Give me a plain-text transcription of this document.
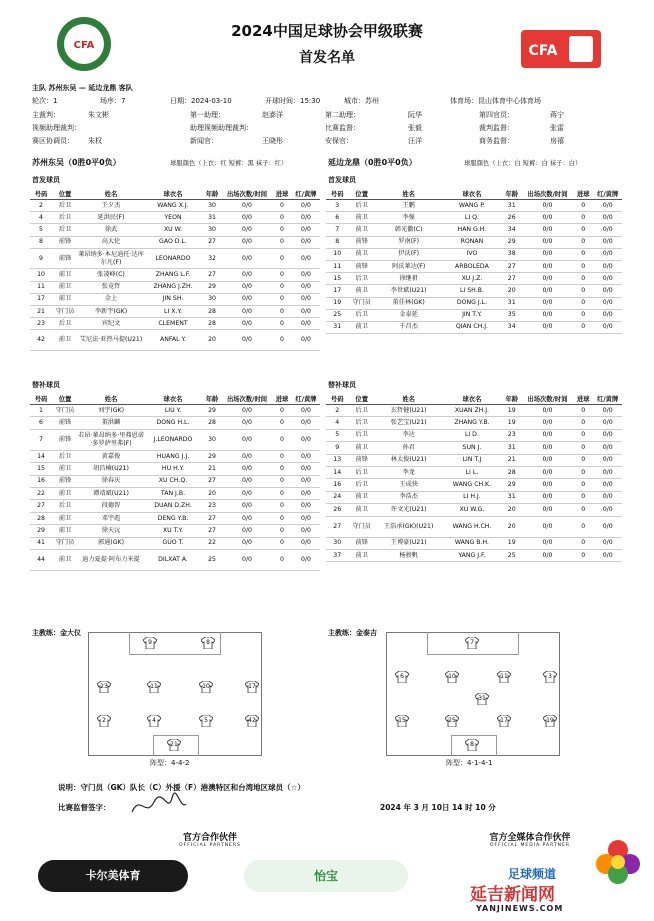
CFA
2024中国足球协会甲级联赛
首发名单	CFA
主队 苏州东吴 — 延边龙鼎 客队
轮次：1	场序：7	日期：2024-03-10	开球时间：15:30	城市：苏州	体育场：昆山体育中心体育场
主裁判：	朱文彬	第一助理：	赵澎洋	第二助理：	阮华	第四官员：	蒋宁
视频助理裁判：	助理视频助理裁判：	比赛监督：	张毅	裁判监督：	张雷
赛区协调员： 朱权	新闻官：	王晓彤	安保官：	汪洋	商务监督：	房禧
苏州东吴（0胜0平0负）	球服颜色（上衣：红 短裤：黑 袜子：红）	延边龙鼎（0胜0平0负）	球服颜色（上衣：白 短裤：白 袜子：白）
首发球员	首发球员
号码	位置	姓名	球衣名	年龄	出场次数/时间	进球	红/黄牌
2	后卫	王夕杰	WANG X.J.	30	0/0	0	0/0
4	后卫	延洪民(F)	YEON	31	0/0	0	0/0
5	后卫	徐武	XU W.	30	0/0	0	0/0
8	前锋	高大伦	GAO D.L.	27	0/0	0	0/0
9	前锋	莱昂纳多·本尼迪托·达库尔凡(F)	LEONARDO	32	0/0	0	0/0
10	前卫	张凌峰(C)	ZHANG L.F.	27	0/0	0	0/0
11	前卫	张竟哲	ZHANG J.ZH.	29	0/0	0	0/0
17	前卫	金上	JIN SH.	30	0/0	0	0/0
21	守门员	李新宇(GK)	LI X.Y.	28	0/0	0	0/0
23	后卫	宾纪文	CLEMENT	28	0/0	0	0/0
42	前卫	艾尼法·亚热马提(U21)	ANFAL Y.	20	0/0	0	0/0
号码	位置	姓名	球衣名	年龄	出场次数/时间	进球	红/黄牌
3	后卫	王鹏	WANG P.	31	0/0	0	0/0
6	前卫	李强	LI Q.	26	0/0	0	0/0
7	前卫	韩光徽(C)	HAN G.H.	34	0/0	0	0/0
8	前锋	罗南(F)	RONAN	29	0/0	0	0/0
10	前卫	伊沃(F)	IVO	38	0/0	0	0/0
11	前锋	阿沃莱达(F)	ARBOLEDA	27	0/0	0	0/0
15	后卫	徐继祖	XU J.Z.	27	0/0	0	0/0
17	前卫	李世斌(U21)	LI SH.B.	20	0/0	0	0/0
19	守门员	董佳林(GK)	DONG J.L.	31	0/0	0	0/0
25	后卫	金泰延	JIN T.Y.	35	0/0	0	0/0
31	前卫	千昌杰	QIAN CH.J.	34	0/0	0	0/0
替补球员	替补球员
号码	位置	姓名	球衣名	年龄	出场次数/时间	进球	红/黄牌
1	守门员	刘宇(GK)	LIU Y.	29	0/0	0	0/0
6	前锋	董洪麟	DONG H.L.	28	0/0	0	0/0
7	前锋	若昂·莱昂纳多·里弗恩诺·多罗萨里弗(F)	J.LEONARDO	30	0/0	0	0/0
14	后卫	黄嘉俊	HUANG J.J.	29	0/0	0	0/0
15	前卫	胡昌楠(U21)	HU H.Y.	21	0/0	0	0/0
16	前锋	徐春庆	XU CH.Q.	27	0/0	0	0/0
22	前卫	谭靖斌(U21)	TAN J.B.	20	0/0	0	0/0
27	后卫	段德智	DUAN D.ZH.	23	0/0	0	0/0
28	前卫	邓宇彪	DENG Y.B.	27	0/0	0	0/0
29	前卫	徐天沅	XU T.Y.	27	0/0	0	0/0
41	守门员	郭通(GK)	GUO T.	22	0/0	0	0/0
44	前卫	迪力夏提·阿布力米提	DILXAT A.	25	0/0	0	0/0
号码	位置	姓名	球衣名	年龄	出场次数/时间	进球	红/黄牌
2	后卫	玄哲健(U21)	XUAN ZH.J.	19	0/0	0	0/0
4	后卫	张艺宝(U21)	ZHANG Y.B.	19	0/0	0	0/0
5	后卫	李达	LI D.	23	0/0	0	0/0
9	前卫	孙君	SUN J.	31	0/0	0	0/0
13	前锋	林太俊(U21)	LIN T.J	21	0/0	0	0/0
14	后卫	李龙	LI L.	28	0/0	0	0/0
16	后卫	王成快	WANG CH.K.	29	0/0	0	0/0
24	前卫	李浩杰	LI H.J.	31	0/0	0	0/0
26	前卫	许文光(U21)	XU W.G.	20	0/0	0	0/0
27	守门员	王浩承(GK)(U21)	WANG H.CH.	20	0/0	0	0/0
30	前锋	王博豪(U21)	WANG B.H.	19	0/0	0	0/0
37	前卫	杨骏帆	YANG J.F.	25	0/0	0	0/0
主教练：金大仪	主教练：金泰吉
9	8
23	11	10	17
2	4	5	42
21
阵型：4-4-2
7
6	10
31
11	3
15	25	17	19
8
阵型：4-1-4-1
说明：守门员（GK）队长（C）外援（F）港澳特区和台湾地区球员（☆）
比赛监督签字：	2024 年 3 月 10日 14 时 10 分
官方合作伙伴
OFFICIAL PARTNERS
官方全媒体合作伙伴
OFFICIAL MEDIA PARTNER
卡尔美体育	怡宝	足球频道
延吉新闻网
YANJINEWS.COM
